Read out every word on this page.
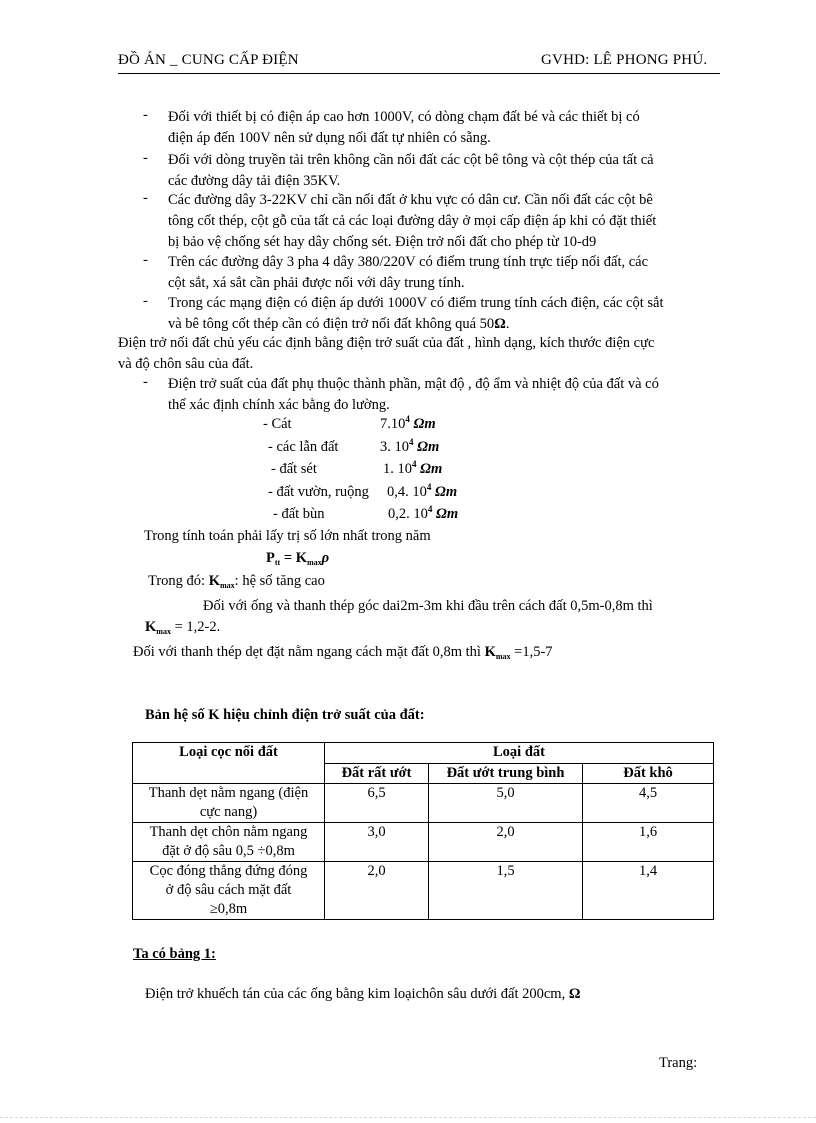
ĐỒ ÁN _ CUNG CẤP ĐIỆN	GVHD: LÊ PHONG PHÚ.
- Đối với thiết bị có điện áp cao hơn 1000V, có dòng chạm đất bé và các thiết bị có
điện áp đến 100V nên sử dụng nối đất tự nhiên có sẵng.
- Đối với dòng truyền tải trên không cần nối đất các cột bê tông và cột thép của tất cả
các đường dây tải điện 35KV.
- Các đường dây 3-22KV chỉ cần nối đất ở khu vực có dân cư. Cần nối đất các cột bê
tông cốt thép, cột gỗ của tất cả các loại đường dây ở mọi cấp điện áp khi có đặt thiết
bị bảo vệ chống sét hay dây chống sét. Điện trở nối đất cho phép từ 10-d9
- Trên các đường dây 3 pha 4 dây 380/220V có điểm trung tính trực tiếp nối đất, các
cột sắt, xá sắt cần phải được nối với dây trung tính.
- Trong các mạng điện có điện áp dưới 1000V có điểm trung tính cách điện, các cột sắt
và bê tông cốt thép cần có điện trở nối đất không quá 50Ω.
Điện trở nối đất chủ yếu các định bằng điện trở suất của đất , hình dạng, kích thước điện cực
và độ chôn sâu của đất.
- Điện trở suất của đất phụ thuộc thành phần, mật độ , độ ẩm và nhiệt độ của đất và có
thể xác định chính xác bằng đo lường.
- Cát	7.10$^4$ Ωm
- các lẫn đất	3. $10^4$ Ωm
- đất sét	1. $10^4$ Ωm
- đất vườn, ruộng 0,4. $10^4$ Ωm
- đất bùn	0,2. $10^4$ Ωm
Trong tính toán phải lấy trị số lớn nhất trong năm
$P_{tt} = K_{max}\rho$
Trong đó: $K_{max}$: hệ số tăng cao
Đối với ống và thanh thép góc dai2m-3m khi đầu trên cách đất 0,5m-0,8m thì
$K_{max} = 1,2-2$.
Đối với thanh thép dẹt đặt nằm ngang cách mặt đất 0,8m thì $K_{max} =1,5-7$
Bản hệ số K hiệu chỉnh điện trở suất của đất:
Loại cọc nối đất	Loại đất		
	Đất rất ướt	Đất ướt trung bình	Đất khô

Thanh dẹt nằm ngang (điện
cực nang)	6,5	5,0	4,5

Thanh dẹt chôn nằm ngang
đặt ở độ sâu 0,5 ÷0,8m	3,0	2,0	1,6

Cọc đóng thẳng đứng đóng
ở độ sâu cách mặt đất
≥0,8m	2,0	1,5	1,4
Ta có bảng 1:
Điện trở khuếch tán của các ống bằng kim loạichôn sâu dưới đất 200cm, Ω
Trang:
